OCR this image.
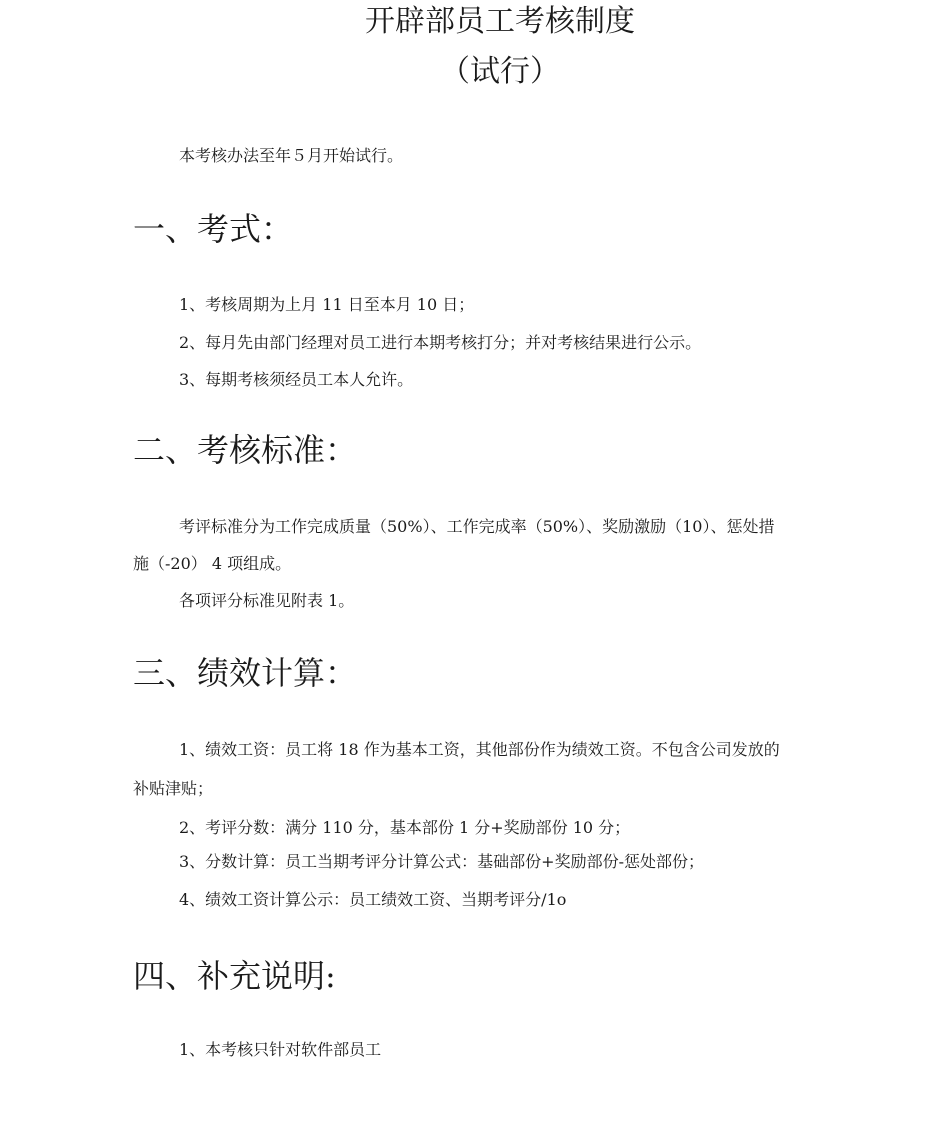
开辟部员工考核制度
（试行）

本考核办法至年５月开始试行。

一、考式：

1、考核周期为上月 11 日至本月 10 日；

2、每月先由部门经理对员工进行本期考核打分；并对考核结果进行公示。

3、每期考核须经员工本人允许。

二、考核标准：

考评标准分为工作完成质量（50%）、工作完成率（50%）、奖励激励（10）、惩处措

施（-20） 4 项组成。

各项评分标准见附表 1。

三、绩效计算：

1、绩效工资：员工将 18 作为基本工资，其他部份作为绩效工资。不包含公司发放的

补贴津贴；

2、考评分数：满分 110 分，基本部份 1 分+奖励部份 10 分；

3、分数计算：员工当期考评分计算公式：基础部份+奖励部份-惩处部份；

4、绩效工资计算公示：员工绩效工资、当期考评分/1o

四、补充说明:

1、本考核只针对软件部员工
